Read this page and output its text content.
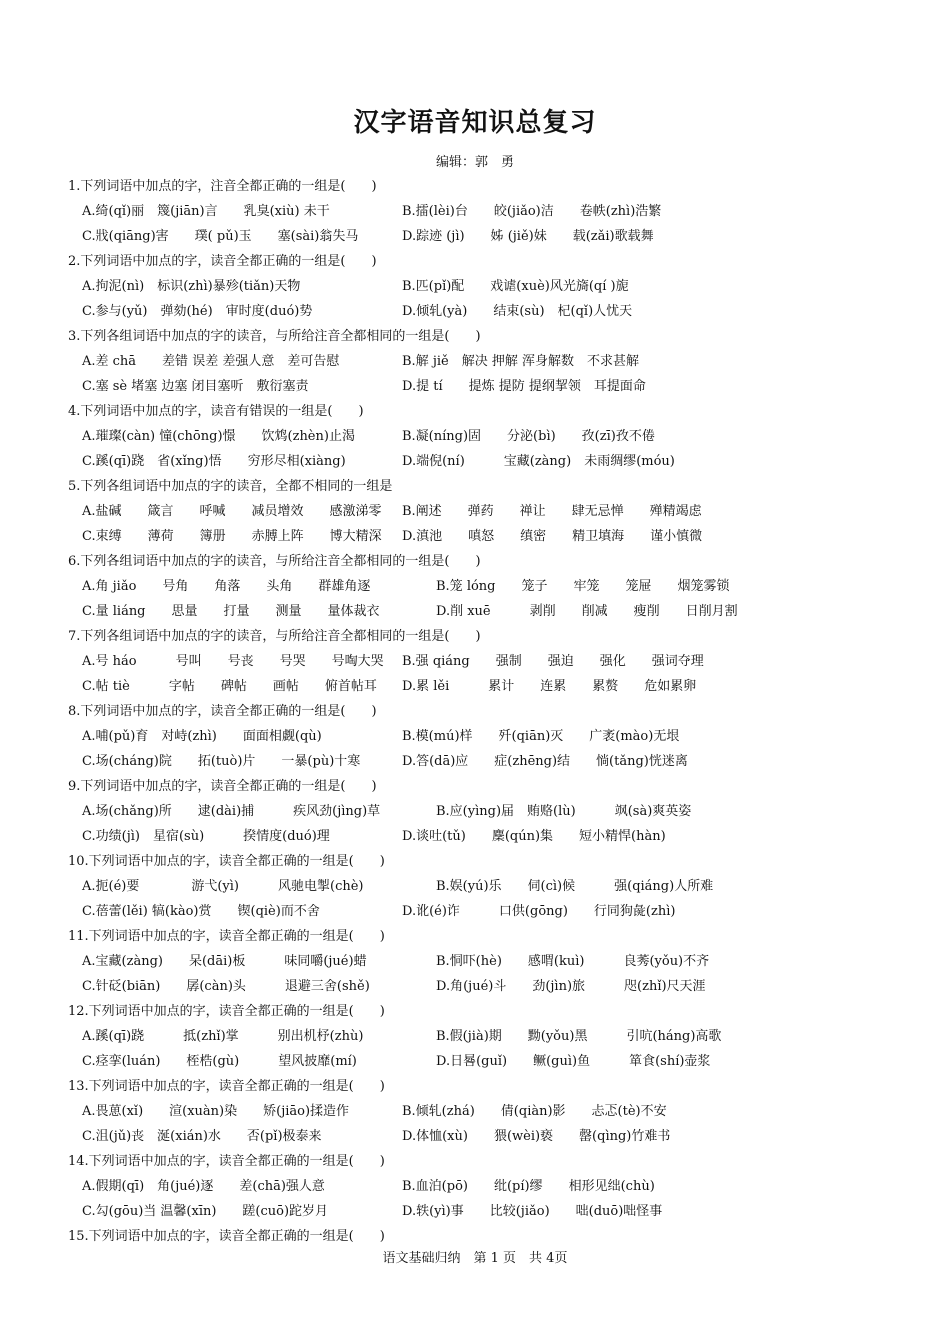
汉字语音知识总复习
编辑：郭　勇
1.下列词语中加点的字，注音全都正确的一组是(　　)
A.绮(qǐ)丽　篾(jiān)言　　乳臭(xiù) 未干	B.擂(lèi)台　　皎(jiǎo)洁　　卷帙(zhì)浩繁
C.戕(qiāng)害　　璞( pǔ)玉　　塞(sài)翁失马	D.踪迹 (jì)　　姊 (jiě)妹　　载(zǎi)歌载舞
2.下列词语中加点的字，读音全都正确的一组是(　　)
A.拘泥(nì)　标识(zhì)暴殄(tiǎn)天物	B.匹(pǐ)配　　戏谑(xuè)风光旖(qí )旎
C.参与(yǔ)　弹劾(hé)　审时度(duó)势	D.倾轧(yà)　　结束(sù)　杞(qǐ)人忧天
3.下列各组词语中加点的字的读音，与所给注音全都相同的一组是(　　)
A.差 chā　　差错 误差 差强人意　差可告慰	B.解 jiě　解决 押解 浑身解数　不求甚解
C.塞 sè 堵塞 边塞 闭目塞听　敷衍塞责	D.提 tí　　提炼 提防 提纲挈领　耳提面命
4.下列词语中加点的字，读音有错误的一组是(　　)
A.璀璨(càn) 憧(chōng)憬　　饮鸩(zhèn)止渴	B.凝(níng)固　　分泌(bì)　　孜(zī)孜不倦
C.蹊(qī)跷　省(xǐng)悟　　穷形尽相(xiàng)	D.端倪(ní)　　　宝藏(zàng)　未雨绸缪(móu)
5.下列各组词语中加点的字的读音，全都不相同的一组是
A.盐碱　　箴言　　呼喊　　减员增效　　感激涕零 B.阐述　　弹药　　禅让　　肆无忌惮　　殚精竭虑
C.束缚　　薄荷　　簿册　　赤膊上阵　　博大精深 D.滇池　　嗔怒　　缜密　　精卫填海　　谨小慎微
6.下列各组词语中加点的字的读音，与所给注音全都相同的一组是(　　)
A.角 jiǎo　　号角　　角落　　头角　　群雄角逐	B.笼 lóng　　笼子　　牢笼　　笼屉　　烟笼雾锁
C.量 liáng　　思量　　打量　　测量　　量体裁衣	D.削 xuē　　　剥削　　削减　　瘦削　　日削月割
7.下列各组词语中加点的字的读音，与所给注音全都相同的一组是(　　)
A.号 háo　　　号叫　　号丧　　号哭　　号啕大哭 B.强 qiáng　　强制　　强迫　　强化　　强词夺理
C.帖 tiè　　　字帖　　碑帖　　画帖　　俯首帖耳 D.累 lěi　　　累计　　连累　　累赘　　危如累卵
8.下列词语中加点的字，读音全都正确的一组是(　　)
A.哺(pǔ)育　对峙(zhì)　　面面相觑(qù)	B.模(mú)样　　歼(qiān)灭　　广袤(mào)无垠
C.场(cháng)院　　拓(tuò)片　　一暴(pù)十寒	D.答(dā)应　　症(zhēng)结　　惝(tǎng)恍迷离
9.下列词语中加点的字，读音全都正确的一组是(　　)
A.场(chǎng)所　　逮(dài)捕　　　疾风劲(jìng)草	B.应(yìng)届　贿赂(lù)　　　飒(sà)爽英姿
C.功绩(jì)　星宿(sù)　　　揆情度(duó)理	D.谈吐(tǔ)　　麇(qún)集　　短小精悍(hàn)
10.下列词语中加点的字，读音全都正确的一组是(　　)
A.扼(é)要　　　　游弋(yì)　　　风驰电掣(chè)	B.娱(yú)乐　　伺(cì)候　　　强(qiáng)人所难
C.蓓蕾(lěi) 犒(kào)赏　　锲(qiè)而不舍	D.讹(é)诈　　　口供(gōng)　　行同狗彘(zhì)
11.下列词语中加点的字，读音全都正确的一组是(　　)
A.宝藏(zàng)　　呆(dāi)板　　　味同嚼(jué)蜡	B.恫吓(hè)　　感喟(kuì)　　　良莠(yǒu)不齐
C.针砭(biān)　　孱(càn)头　　　退避三舍(shě)	D.角(jué)斗　　劲(jìn)旅　　　咫(zhǐ)尺天涯
12.下列词语中加点的字，读音全都正确的一组是(　　)
A.蹊(qī)跷　　　抵(zhǐ)掌　　　别出机杼(zhù)	B.假(jià)期　　黝(yǒu)黑　　　引吭(háng)高歌
C.痉挛(luán)　　桎梏(gù)　　　望风披靡(mí)	D.日晷(guǐ)　　鳜(guì)鱼　　　箪食(shí)壶浆
13.下列词语中加点的字，读音全都正确的一组是(　　)
A.畏葸(xǐ)　　渲(xuàn)染　　矫(jiāo)揉造作	B.倾轧(zhá)　　倩(qiàn)影　　忐忑(tè)不安
C.沮(jǔ)丧　涎(xián)水　　否(pǐ)极泰来	D.体恤(xù)　　猥(wèi)亵　　罄(qìng)竹难书
14.下列词语中加点的字，读音全都正确的一组是(　　)
A.假期(qī)　角(jué)逐　　差(chā)强人意	B.血泊(pō)　　纰(pí)缪　　相形见绌(chù)
C.勾(gōu)当 温馨(xīn)　　蹉(cuō)跎岁月	D.轶(yì)事　　比较(jiǎo)　　咄(duō)咄怪事
15.下列词语中加点的字，读音全都正确的一组是(　　)
语文基础归纳　第 1 页　共 4页
